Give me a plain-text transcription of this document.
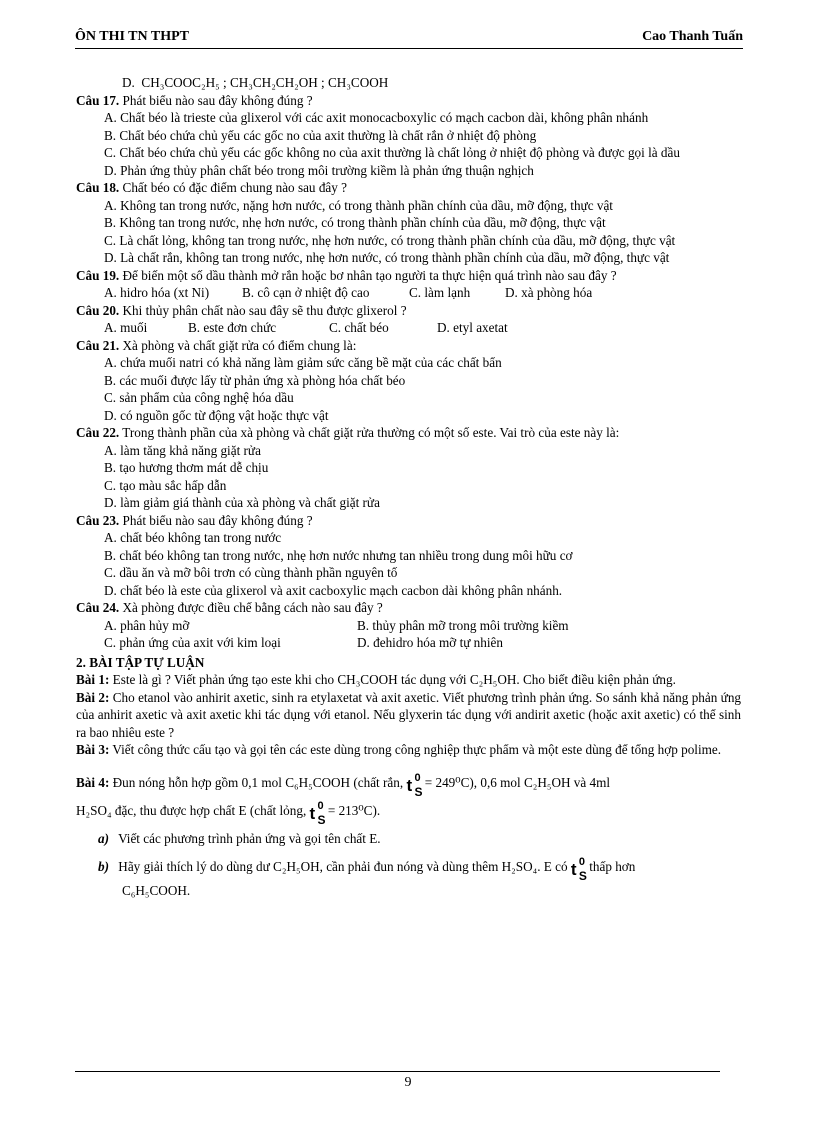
ÔN THI TN THPT	Cao Thanh Tuấn
D. CH₃COOC₂H₅ ; CH₃CH₂CH₂OH ; CH₃COOH
Câu 17. Phát biểu nào sau đây không đúng ?
A. Chất béo là trieste của glixerol với các axit monocacboxylic có mạch cacbon dài, không phân nhánh
B. Chất béo chứa chủ yếu các gốc no của axit thường là chất rắn ở nhiệt độ phòng
C. Chất béo chứa chủ yếu các gốc không no của axit thường là chất lỏng ở nhiệt độ phòng và được gọi là dầu
D. Phản ứng thủy phân chất béo trong môi trường kiềm là phản ứng thuận nghịch
Câu 18. Chất béo có đặc điểm chung nào sau đây ?
A. Không tan trong nước, nặng hơn nước, có trong thành phần chính của dầu, mỡ động, thực vật
B. Không tan trong nước, nhẹ hơn nước, có trong thành phần chính của dầu, mỡ động, thực vật
C. Là chất lỏng, không tan trong nước, nhẹ hơn nước, có trong thành phần chính của dầu, mỡ động, thực vật
D. Là chất rắn, không tan trong nước, nhẹ hơn nước, có trong thành phần chính của dầu, mỡ động, thực vật
Câu 19. Để biến một số dầu thành mở rắn hoặc bơ nhân tạo người ta thực hiện quá trình nào sau đây ?
A. hidro hóa (xt Ni)	B. cô cạn ở nhiệt độ cao	C. làm lạnh	D. xà phòng hóa
Câu 20. Khi thủy phân chất nào sau đây sẽ thu được glixerol ?
A. muối	B. este đơn chức	C. chất béo	D. etyl axetat
Câu 21. Xà phòng và chất giặt rửa có điểm chung là:
A. chứa muối natri có khả năng làm giảm sức căng bề mặt của các chất bẩn
B. các muối được lấy từ phản ứng xà phòng hóa chất béo
C. sản phẩm của công nghệ hóa dầu
D. có nguồn gốc từ động vật hoặc thực vật
Câu 22. Trong thành phần của xà phòng và chất giặt rửa thường có một số este. Vai trò của este này là:
A. làm tăng khả năng giặt rửa
B. tạo hương thơm mát dễ chịu
C. tạo màu sắc hấp dẫn
D. làm giảm giá thành của xà phòng và chất giặt rửa
Câu 23. Phát biểu nào sau đây không đúng ?
A. chất béo không tan trong nước
B. chất béo không tan trong nước, nhẹ hơn nước nhưng tan nhiều trong dung môi hữu cơ
C. dầu ăn và mỡ bôi trơn có cùng thành phần nguyên tố
D. chất béo là este của glixerol và axit cacboxylic mạch cacbon dài không phân nhánh.
Câu 24. Xà phòng được điều chế bằng cách nào sau đây ?
A. phân hủy mỡ	B. thủy phân mỡ trong môi trường kiềm
C. phản ứng của axit với kim loại	D. đehidro hóa mỡ tự nhiên
2. BÀI TẬP TỰ LUẬN
Bài 1: Este là gì ? Viết phản ứng tạo este khi cho CH₃COOH tác dụng với C₂H₅OH. Cho biết điều kiện phản ứng.
Bài 2: Cho etanol vào anhirit axetic, sinh ra etylaxetat và axit axetic. Viết phương trình phản ứng. So sánh khả năng phản ứng của anhirit axetic và axit axetic khi tác dụng với etanol. Nếu glyxerin tác dụng với andirit axetic (hoặc axit axetic) có thể sinh ra bao nhiêu este ?
Bài 3: Viết công thức cấu tạo và gọi tên các este dùng trong công nghiệp thực phẩm và một este dùng để tổng hợp polime.
Bài 4: Đun nóng hỗn hợp gồm 0,1 mol C₆H₅COOH (chất rắn, t 0
S
= 249⁰C), 0,6 mol C₂H₅OH và 4ml
H₂SO₄ đặc, thu được hợp chất E (chất lỏng, t 0
S
= 213⁰C).
a) Viết các phương trình phản ứng và gọi tên chất E.
b) Hãy giải thích lý do dùng dư C₂H₅OH, cần phải đun nóng và dùng thêm H₂SO₄. E có t 0
S
thấp hơn
C₆H₅COOH.
9
